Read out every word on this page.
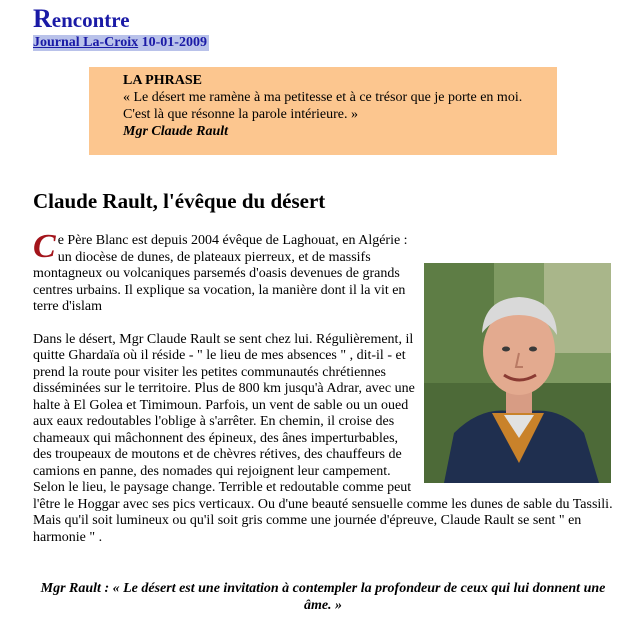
Rencontre
Journal La-Croix 10-01-2009
LA PHRASE
« Le désert me ramène à ma petitesse et à ce trésor que je porte en moi. C'est là que résonne la parole intérieure. »
Mgr Claude Rault
Claude Rault, l'évêque du désert

Ce Père Blanc est depuis 2004 évêque de Laghouat, en Algérie : un diocèse de dunes, de plateaux pierreux, et de massifs montagneux ou volcaniques parsemés d'oasis devenues de grands centres urbains. Il explique sa vocation, la manière dont il la vit en terre d'islam

Dans le désert, Mgr Claude Rault se sent chez lui. Régulièrement, il quitte Ghardaïa où il réside - " le lieu de mes absences " , dit-il - et prend la route pour visiter les petites communautés chrétiennes disséminées sur le territoire. Plus de 800 km jusqu'à Adrar, avec une halte à El Golea et Timimoun. Parfois, un vent de sable ou un oued aux eaux redoutables l'oblige à s'arrêter. En chemin, il croise des chameaux qui mâchonnent des épineux, des ânes imperturbables, des troupeaux de moutons et de chèvres rétives, des chauffeurs de camions en panne, des nomades qui rejoignent leur campement. Selon le lieu, le paysage change. Terrible et redoutable comme peut l'être le Hoggar avec ses pics verticaux. Ou d'une beauté sensuelle comme les dunes de sable du Tassili. Mais qu'il soit lumineux ou qu'il soit gris comme une journée d'épreuve, Claude Rault se sent " en harmonie " .

Mgr Rault : « Le désert est une invitation à contempler la profondeur de ceux qui lui donnent une âme. »
